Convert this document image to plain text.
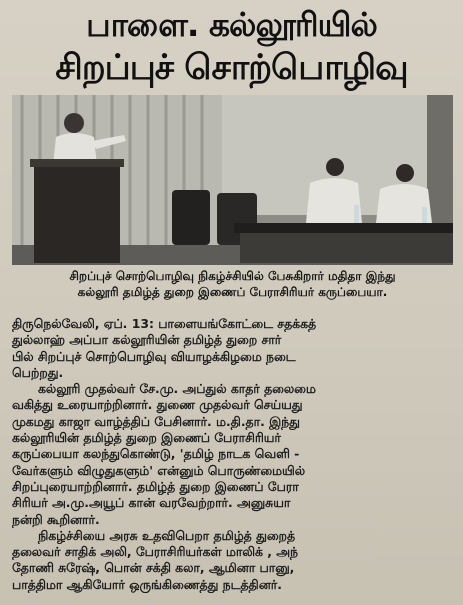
பாளை. கல்லூரியில்
சிறப்புச் சொற்பொழிவு
சிறப்புச் சொற்பொழிவு நிகழ்ச்சியில் பேசுகிறார் மதிதா இந்து
கல்லூரி தமிழ்த் துறை இணைப் பேராசிரியர் கருப்பையா.
திருநெல்வேலி, ஏப். 13: பாளையங்கோட்டை சதக்கத்
துல்லாஹ் அப்பா கல்லூரியின் தமிழ்த் துறை சார்
பில் சிறப்புச் சொற்பொழிவு வியாழக்கிழமை நடை
பெற்றது.
கல்லூரி முதல்வர் சே.மு. அப்துல் காதர் தலைமை
வகித்து உரையாற்றினார். துணை முதல்வர் செய்யது
முகமது காஜா வாழ்த்திப் பேசினார். ம.தி.தா. இந்து
கல்லூரியின் தமிழ்த் துறை இணைப் பேராசிரியர்
கருப்பையா கலந்துகொண்டு, 'தமிழ் நாடக வெளி -
வேர்களும் விழுதுகளும்' என்னும் பொருண்மையில்
சிறப்புரையாற்றினார். தமிழ்த் துறை இணைப் பேரா
சிரியர் அ.மு.அயூப் கான் வரவேற்றார். அனுசுயா
நன்றி கூறினார்.
நிகழ்ச்சியை அரசு உதவிபெறா தமிழ்த் துறைத்
தலைவர் சாதிக் அலி, பேராசிரியர்கள் மாலிக் , அந்
தோணி சுரேஷ், பொன் சக்தி கலா, ஆமினா பானு,
பாத்திமா ஆகியோர் ஒருங்கிணைத்து நடத்தினர்.
